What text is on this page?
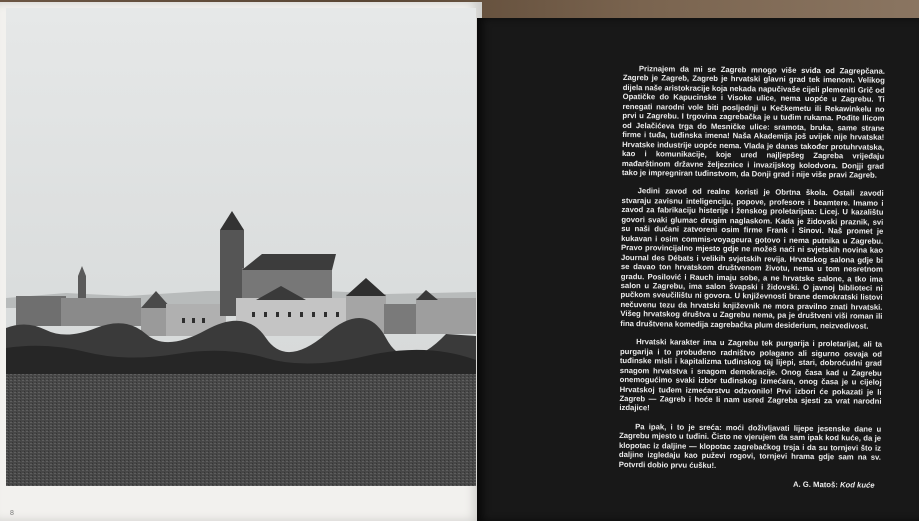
8

Priznajem da mi se Zagreb mnogo više sviđa od Zagrepčana. Zagreb je Zagreb, Zagreb je hrvatski glavni grad tek imenom. Velikog dijela naše aristokracije koja nekada napučivaše cijeli plemeniti Grič od Opatičke do Kapucinske i Visoke ulice, nema uopće u Zagrebu. Ti renegati narodni vole biti posljednji u Kečkemetu ili Rekawinkelu no prvi u Zagrebu. I trgovina zagrebačka je u tuđim rukama. Pođite Ilicom od Jelačićeva trga do Mesničke ulice: sramota, bruka, same strane firme i tuđa, tuđinska imena! Naša Akademija još uvijek nije hrvatska! Hrvatske industrije uopće nema. Vlada je danas također protuhrvatska, kao i komunikacije, koje ured najljepšeg Zagreba vrijeđaju mađarštinom državne željeznice i invazijskog kolodvora. Donjji grad tako je impregniran tuđinstvom, da Donji grad i nije više pravi Zagreb.

Jedini zavod od realne koristi je Obrtna škola. Ostali zavodi stvaraju zavisnu inteligenciju, popove, profesore i beamtere. Imamo i zavod za fabrikaciju histerije i ženskog proletarijata: Licej. U kazalištu govori svaki glumac drugim naglaskom. Kada je židovski praznik, svi su naši dućani zatvoreni osim firme Frank i Sinovi. Naš promet je kukavan i osim commis-voyageura gotovo i nema putnika u Zagrebu. Pravo provincijalno mjesto gdje ne možeš naći ni svjetskih novina kao Journal des Débats i velikih svjetskih revija. Hrvatskog salona gdje bi se davao ton hrvatskom društvenom životu, nema u tom nesretnom gradu. Posilović i Rauch imaju sobe, a ne hrvatske salone, a tko ima salon u Zagrebu, ima salon švapski i židovski. O javnoj biblioteci ni pučkom sveučilištu ni govora. U književnosti brane demokratski listovi nečuvenu tezu da hrvatski književnik ne mora pravilno znati hrvatski. Višeg hrvatskog društva u Zagrebu nema, pa je društveni viši roman ili fina društvena komedija zagrebačka plum desiderium, neizvedivost.

Hrvatski karakter ima u Zagrebu tek purgarija i proletarijat, ali ta purgarija i to probuđeno radništvo polagano ali sigurno osvaja od tuđinske misli i kapitalizma tuđinskog taj lijepi, stari, dobroćudni grad snagom hrvatstva i snagom demokracije. Onog časa kad u Zagrebu onemogućimo svaki izbor tuđinskog izmećara, onog časa je u cijeloj Hrvatskoj tuđem izmećarstvu odzvonilo! Prvi izbori će pokazati je li Zagreb — Zagreb i hoće li nam usred Zagreba sjesti za vrat narodni izdajice!

Pa ipak, i to je sreća: moći doživljavati lijepe jesenske dane u Zagrebu mjesto u tuđini. Čisto ne vjerujem da sam ipak kod kuće, da je klopotac iz daljine — klopotac zagrebačkog trsja i da su tornjevi što iz daljine izgledaju kao puževi rogovi, tornjevi hrama gdje sam na sv. Potvrdi dobio prvu ćušku!.

A. G. Matoš: Kod kuće
